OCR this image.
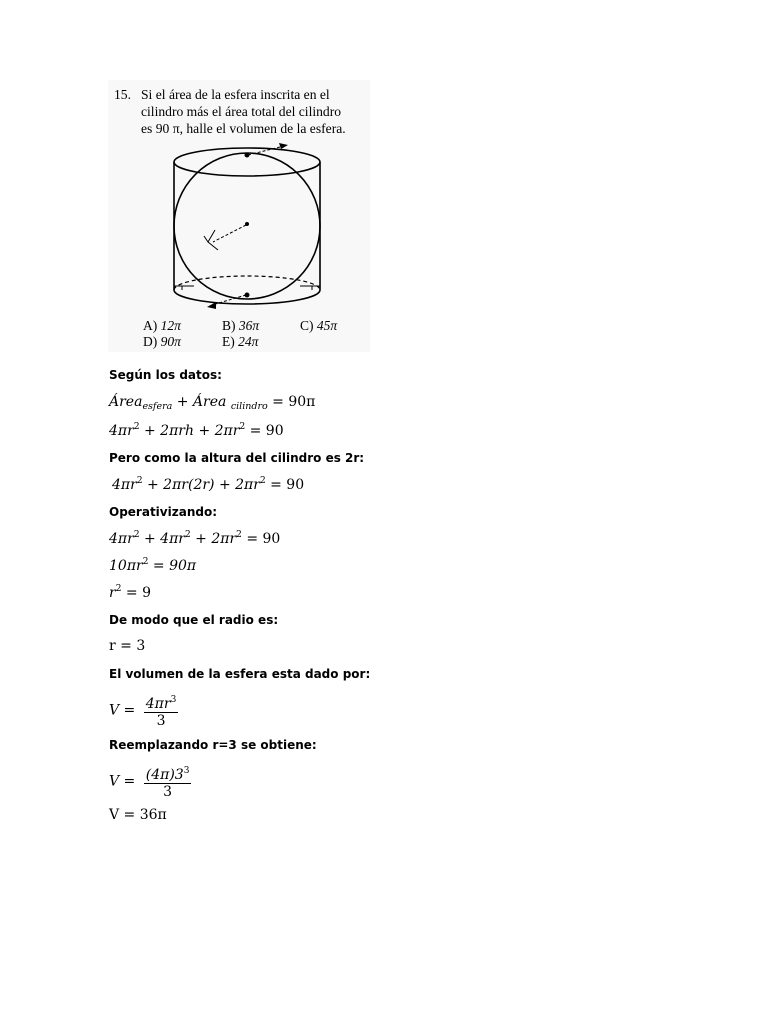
15. Si el área de la esfera inscrita en el
cilindro más el área total del cilindro
es 90 π, halle el volumen de la esfera.
A) 12π	B) 36π	C) 45π
D) 90π	E) 24π
Según los datos:
Área$_{esfera}$ + Área $_{cilindro}$ = 90π
$4\pi r^2 + 2\pi rh + 2\pi r^2 = 90$
Pero como la altura del cilindro es 2r:
$4\pi r^2 + 2\pi r(2r) + 2\pi r^2 = 90$
Operativizando:
$4\pi r^2 + 4\pi r^2 + 2\pi r^2 = 90$
$10\pi r^2 = 90\pi$
$r^2 = 9$
De modo que el radio es:
r = 3
El volumen de la esfera esta dado por:
$V = \frac{4\pi r^3}{3}$
Reemplazando r=3 se obtiene:
$V = \frac{(4\pi)3^3}{3}$
V = 36π
